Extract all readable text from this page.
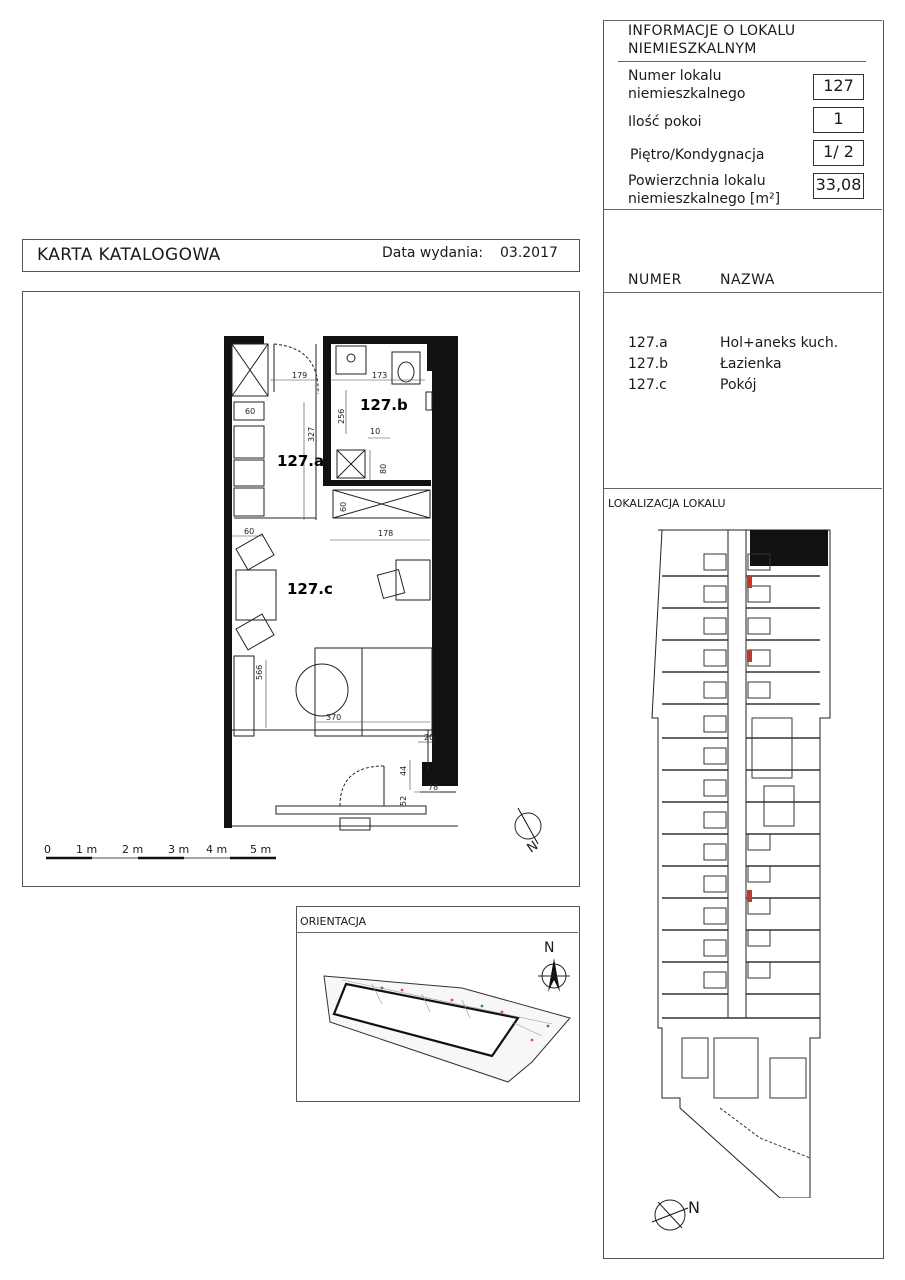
INFORMACJE O LOKALU
NIEMIESZKALNYM
Numer lokalu
niemieszkalnego	127
Ilość pokoi	1
Piętro/Kondygnacja	1/ 2
Powierzchnia lokalu
niemieszkalnego [m²]
33,08
NUMER	NAZWA
127.a	Hol+aneks kuch.
127.b	Łazienka
127.c	Pokój
LOKALIZACJA LOKALU
N
KARTA KATALOGOWA	Data wydania: 03.2017
127.a
127.b
127.c
179	173
256
327	10
80
60
60
60	178
566
370
20
44
52
78
N
0 1 m 2 m 3 m 4 m 5 m
ORIENTACJA
N
